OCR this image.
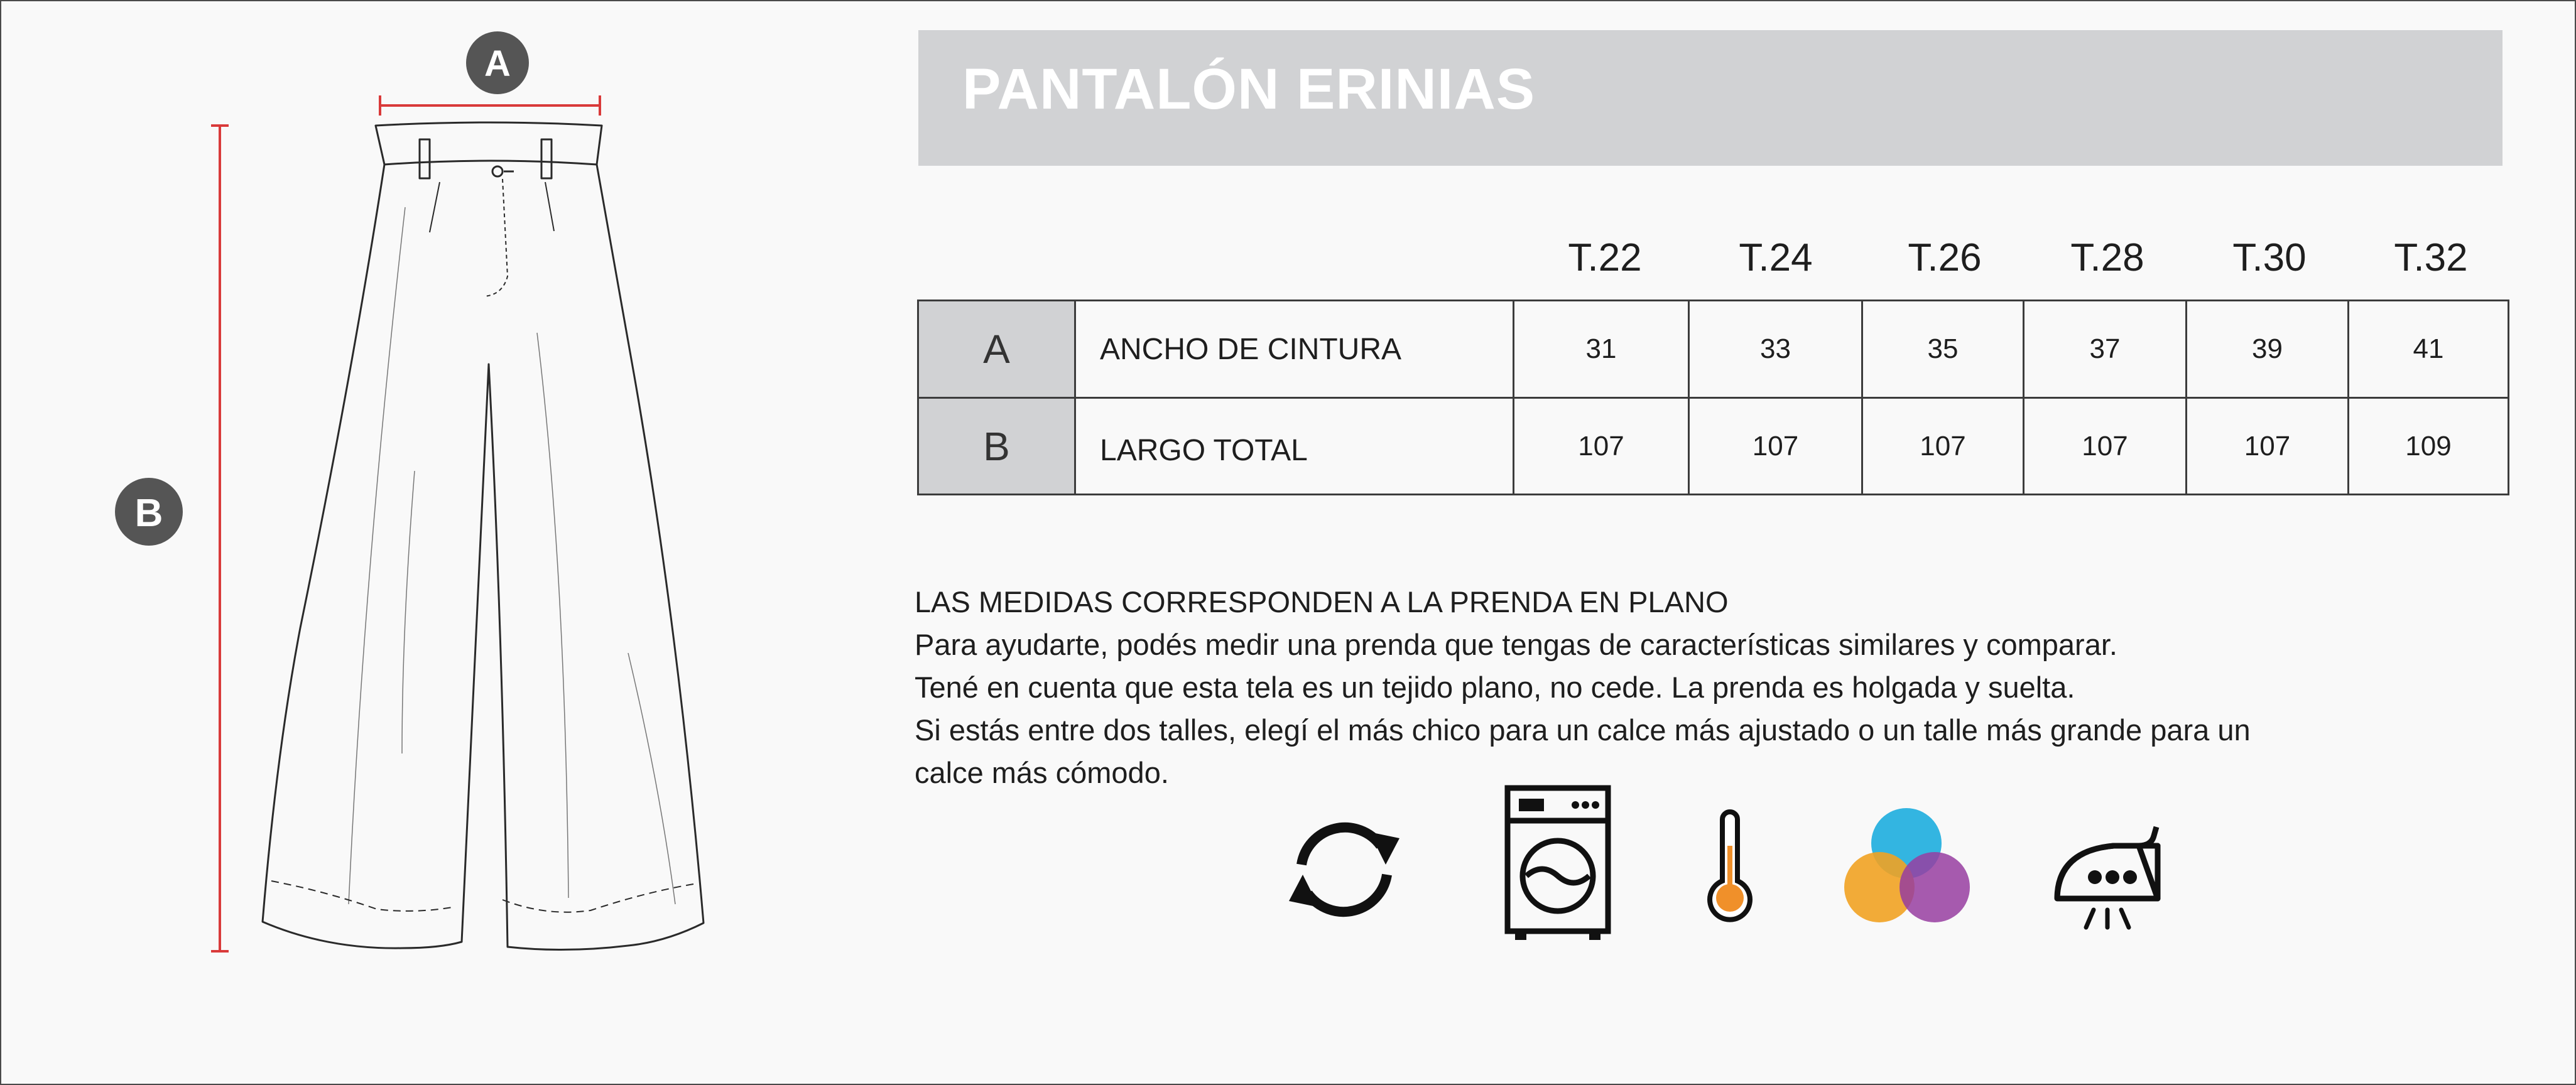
A
B
PANTALÓN ERINIAS
T.22	T.24	T.26	T.28	T.30	T.32
A	ANCHO DE CINTURA	31	33	35	37	39	41
B	LARGO TOTAL	107	107	107	107	107	109
LAS MEDIDAS CORRESPONDEN A LA PRENDA EN PLANO
Para ayudarte, podés medir una prenda que tengas de características similares y comparar.
Tené en cuenta que esta tela es un tejido plano, no cede. La prenda es holgada y suelta.
Si estás entre dos talles, elegí el más chico para un calce más ajustado o un talle más grande para un
calce más cómodo.
